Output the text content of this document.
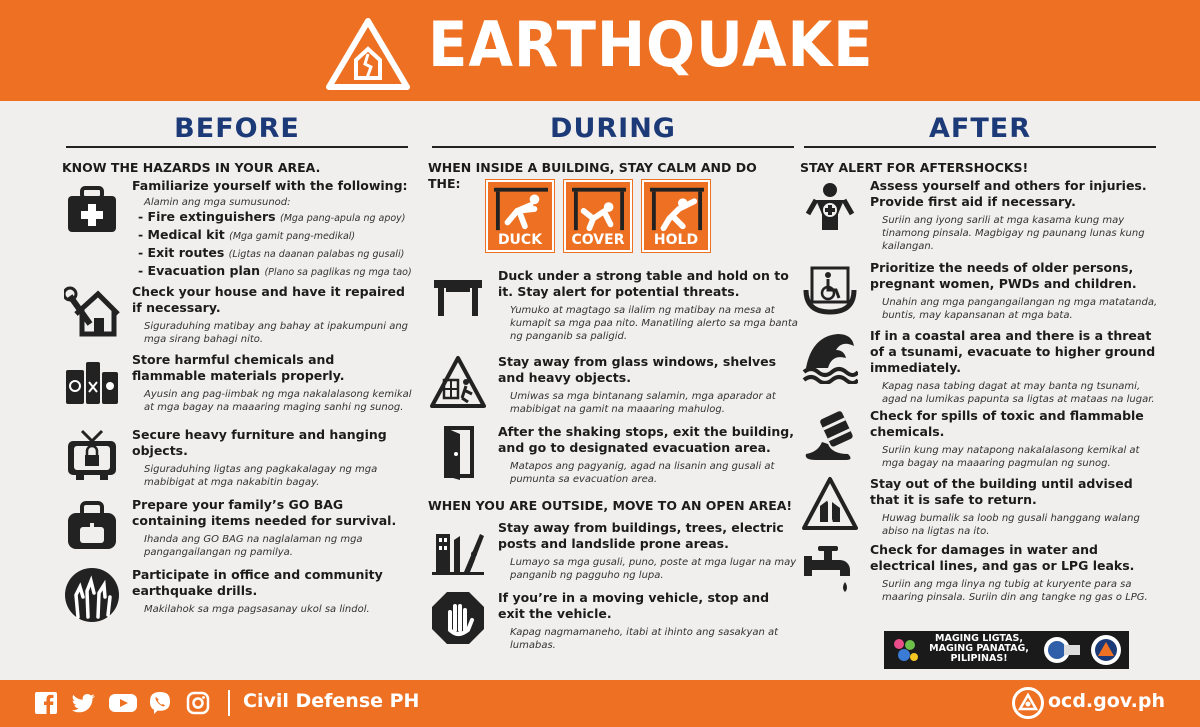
EARTHQUAKE
BEFORE
KNOW THE HAZARDS IN YOUR AREA.
Familiarize yourself with the following:
Alamin ang mga sumusunod:
- Fire extinguishers (Mga pang-apula ng apoy)
- Medical kit (Mga gamit pang-medikal)
- Exit routes (Ligtas na daanan palabas ng gusali)
- Evacuation plan (Plano sa paglikas ng mga tao)
Check your house and have it repaired if necessary.
Siguraduhing matibay ang bahay at ipakumpuni ang mga sirang bahagi nito.
Store harmful chemicals and flammable materials properly.
Ayusin ang pag-iimbak ng mga nakalalasong kemikal at mga bagay na maaaring maging sanhi ng sunog.
Secure heavy furniture and hanging objects.
Siguraduhing ligtas ang pagkakalagay ng mga mabibigat at mga nakabitin bagay.
Prepare your family’s GO BAG containing items needed for survival.
Ihanda ang GO BAG na naglalaman ng mga pangangailangan ng pamilya.
Participate in office and community earthquake drills.
Makilahok sa mga pagsasanay ukol sa lindol.
DURING
WHEN INSIDE A BUILDING, STAY CALM AND DO THE:
DUCK	COVER	HOLD
Duck under a strong table and hold on to it. Stay alert for potential threats.
Yumuko at magtago sa ilalim ng matibay na mesa at kumapit sa mga paa nito. Manatiling alerto sa mga banta ng panganib sa paligid.
Stay away from glass windows, shelves and heavy objects.
Umiwas sa mga bintanang salamin, mga aparador at mabibigat na gamit na maaaring mahulog.
After the shaking stops, exit the building, and go to designated evacuation area.
Matapos ang pagyanig, agad na lisanin ang gusali at pumunta sa evacuation area.
WHEN YOU ARE OUTSIDE, MOVE TO AN OPEN AREA!
Stay away from buildings, trees, electric posts and landslide prone areas.
Lumayo sa mga gusali, puno, poste at mga lugar na may panganib ng pagguho ng lupa.
If you’re in a moving vehicle, stop and exit the vehicle.
Kapag nagmamaneho, itabi at ihinto ang sasakyan at lumabas.
AFTER
STAY ALERT FOR AFTERSHOCKS!
Assess yourself and others for injuries. Provide first aid if necessary.
Suriin ang iyong sarili at mga kasama kung may tinamong pinsala. Magbigay ng paunang lunas kung kailangan.
Prioritize the needs of older persons, pregnant women, PWDs and children.
Unahin ang mga pangangailangan ng mga matatanda, buntis, may kapansanan at mga bata.
If in a coastal area and there is a threat of a tsunami, evacuate to higher ground immediately.
Kapag nasa tabing dagat at may banta ng tsunami, agad na lumikas papunta sa ligtas at mataas na lugar.
Check for spills of toxic and flammable chemicals.
Suriin kung may natapong nakalalasong kemikal at mga bagay na maaaring pagmulan ng sunog.
Stay out of the building until advised that it is safe to return.
Huwag bumalik sa loob ng gusali hanggang walang abiso na ligtas na ito.
Check for damages in water and electrical lines, and gas or LPG leaks.
Suriin ang mga linya ng tubig at kuryente para sa maaring pinsala. Suriin din ang tangke ng gas o LPG.
MAGING LIGTAS, MAGING PANATAG, PILIPINAS!
Civil Defense PH	ocd.gov.ph
